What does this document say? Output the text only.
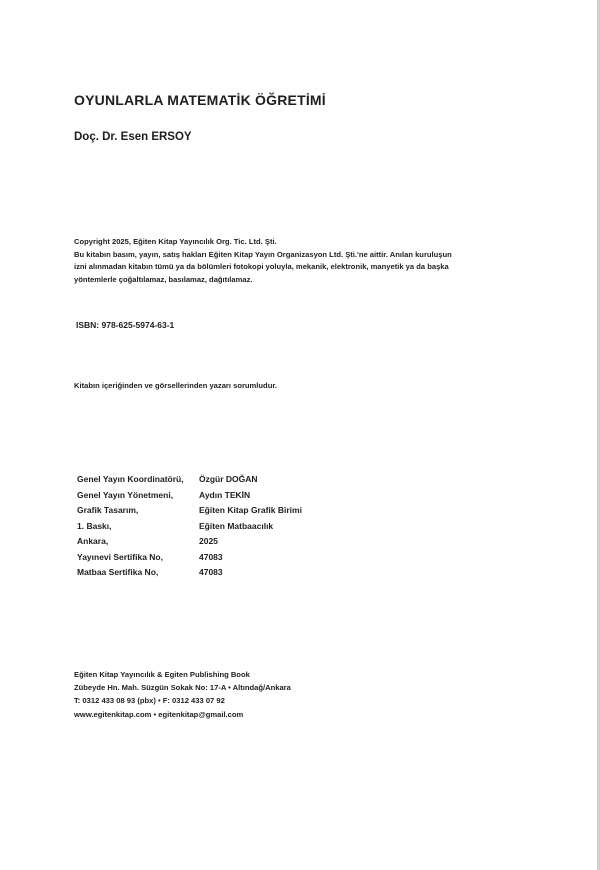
OYUNLARLA MATEMATİK ÖĞRETİMİ
Doç. Dr. Esen ERSOY
Copyright 2025, Eğiten Kitap Yayıncılık Org. Tic. Ltd. Şti.
Bu kitabın basım, yayın, satış hakları Eğiten Kitap Yayın Organizasyon Ltd. Şti.'ne aittir. Anılan kuruluşun
izni alınmadan kitabın tümü ya da bölümleri fotokopi yoluyla, mekanik, elektronik, manyetik ya da başka
yöntemlerle çoğaltılamaz, basılamaz, dağıtılamaz.
ISBN: 978-625-5974-63-1
Kitabın içeriğinden ve görsellerinden yazarı sorumludur.
Genel Yayın Koordinatörü,	Özgür DOĞAN
Genel Yayın Yönetmeni,	Aydın TEKİN
Grafik Tasarım,	Eğiten Kitap Grafik Birimi
1. Baskı,	Eğiten Matbaacılık
Ankara,	2025
Yayınevi Sertifika No,	47083
Matbaa Sertifika No,	47083
Eğiten Kitap Yayıncılık & Egiten Publishing Book
Zübeyde Hn. Mah. Süzgün Sokak No: 17-A • Altındağ/Ankara
T: 0312 433 08 93 (pbx) • F: 0312 433 07 92
www.egitenkitap.com • egitenkitap@gmail.com
